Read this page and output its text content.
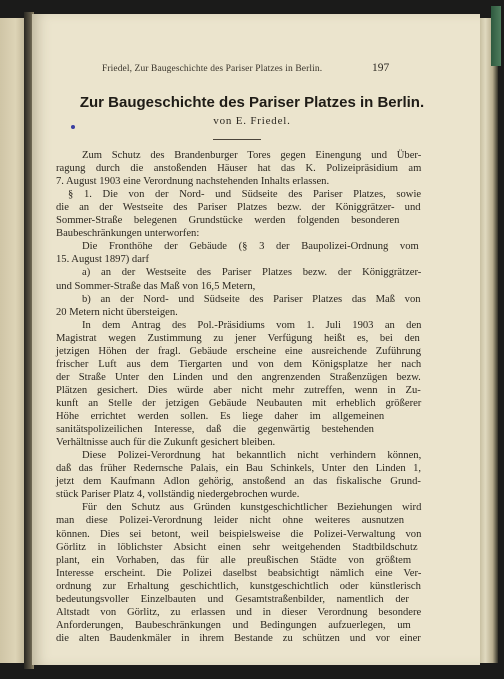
Friedel, Zur Baugeschichte des Pariser Platzes in Berlin.	197
Zur Baugeschichte des Pariser Platzes in Berlin.
von E. Friedel.
Zum Schutz des Brandenburger Tores gegen Einengung und Über-
ragung durch die anstoßenden Häuser hat das K. Polizeipräsidium am
7. August 1903 eine Verordnung nachstehenden Inhalts erlassen.
§ 1. Die von der Nord- und Südseite des Pariser Platzes, sowie
die an der Westseite des Pariser Platzes bezw. der Königgrätzer- und
Sommer-Straße belegenen Grundstücke werden folgenden besonderen
Baubeschränkungen unterworfen:
Die Fronthöhe der Gebäude (§ 3 der Baupolizei-Ordnung vom
15. August 1897) darf
a) an der Westseite des Pariser Platzes bezw. der Königgrätzer-
und Sommer-Straße das Maß von 16,5 Metern,
b) an der Nord- und Südseite des Pariser Platzes das Maß von
20 Metern nicht übersteigen.
In dem Antrag des Pol.-Präsidiums vom 1. Juli 1903 an den
Magistrat wegen Zustimmung zu jener Verfügung heißt es, bei den
jetzigen Höhen der fragl. Gebäude erscheine eine ausreichende Zuführung
frischer Luft aus dem Tiergarten und von dem Königsplatze her nach
der Straße Unter den Linden und den angrenzenden Straßenzügen bezw.
Plätzen gesichert. Dies würde aber nicht mehr zutreffen, wenn in Zu-
kunft an Stelle der jetzigen Gebäude Neubauten mit erheblich größerer
Höhe errichtet werden sollen. Es liege daher im allgemeinen
sanitätspolizeilichen Interesse, daß die gegenwärtig bestehenden
Verhältnisse auch für die Zukunft gesichert bleiben.
Diese Polizei-Verordnung hat bekanntlich nicht verhindern können,
daß das früher Redernsche Palais, ein Bau Schinkels, Unter den Linden 1,
jetzt dem Kaufmann Adlon gehörig, anstoßend an das fiskalische Grund-
stück Pariser Platz 4, vollständig niedergebrochen wurde.
Für den Schutz aus Gründen kunstgeschichtlicher Beziehungen wird
man diese Polizei-Verordnung leider nicht ohne weiteres ausnutzen
können. Dies sei betont, weil beispielsweise die Polizei-Verwaltung von
Görlitz in löblichster Absicht einen sehr weitgehenden Stadtbildschutz
plant, ein Vorhaben, das für alle preußischen Städte von größtem
Interesse erscheint. Die Polizei daselbst beabsichtigt nämlich eine Ver-
ordnung zur Erhaltung geschichtlich, kunstgeschichtlich oder künstlerisch
bedeutungsvoller Einzelbauten und Gesamtstraßenbilder, namentlich der
Altstadt von Görlitz, zu erlassen und in dieser Verordnung besondere
Anforderungen, Baubeschränkungen und Bedingungen aufzuerlegen, um
die alten Baudenkmäler in ihrem Bestande zu schützen und vor einer
